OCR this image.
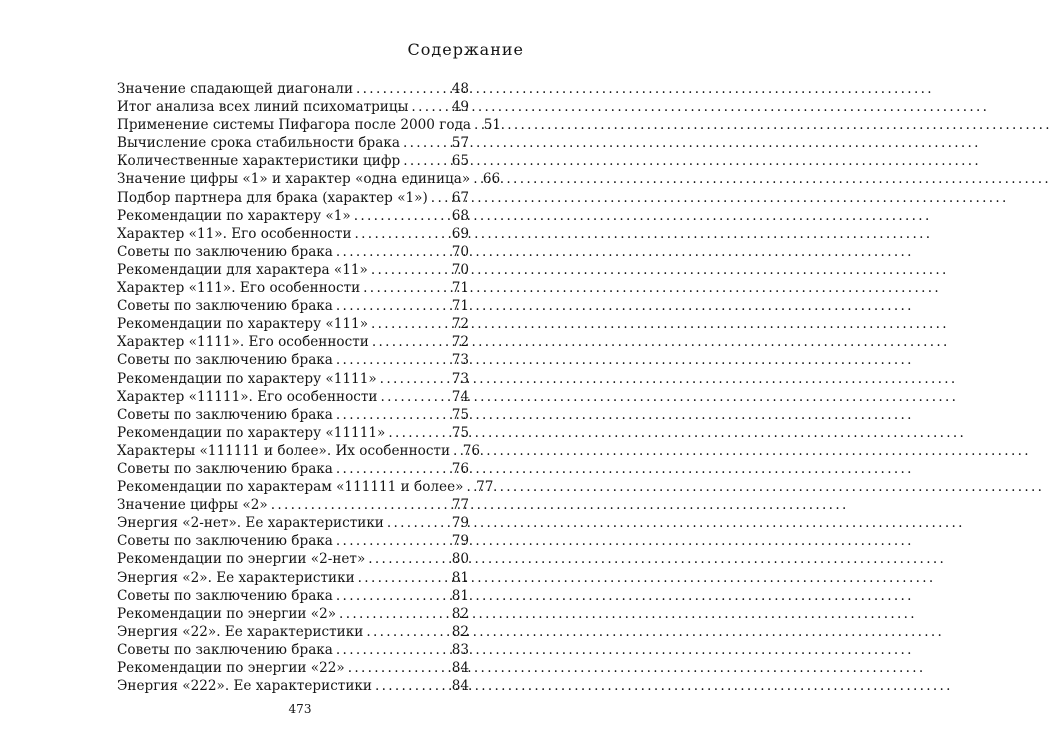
Содержание
Значение спадающей диагонали . . .	48
Итог анализа всех линий психоматрицы . . .	49
Применение системы Пифагора после 2000 года . . . 51
Вычисление срока стабильности брака . . .	57
Количественные характеристики цифр . . .	65
Значение цифры «1» и характер «одна единица» . . . 66
Подбор партнера для брака (характер «1») . . . 67
Рекомендации по характеру «1» . . .	68
Характер «11». Его особенности . . .	69
Советы по заключению брака . . .	70
Рекомендации для характера «11» . . .	70
Характер «111». Его особенности . . .	71
Советы по заключению брака . . .	71
Рекомендации по характеру «111» . . .	72
Характер «1111». Его особенности . . .	72
Советы по заключению брака . . .	73
Рекомендации по характеру «1111» . . .	73
Характер «11111». Его особенности . . .	74
Советы по заключению брака . . .	75
Рекомендации по характеру «11111» . . .	75
Характеры «111111 и более». Их особенности . . . 76
Советы по заключению брака . . .	76
Рекомендации по характерам «111111 и более» . . . 77
Значение цифры «2» . . .	77
Энергия «2-нет». Ее характеристики . . .	79
Советы по заключению брака . . .	79
Рекомендации по энергии «2-нет» . . .	80
Энергия «2». Ее характеристики . . .	81
Советы по заключению брака . . .	81
Рекомендации по энергии «2» . . .	82
Энергия «22». Ее характеристики . . .	82
Советы по заключению брака . . .	83
Рекомендации по энергии «22» . . .	84
Энергия «222». Ее характеристики . . .	84
473
